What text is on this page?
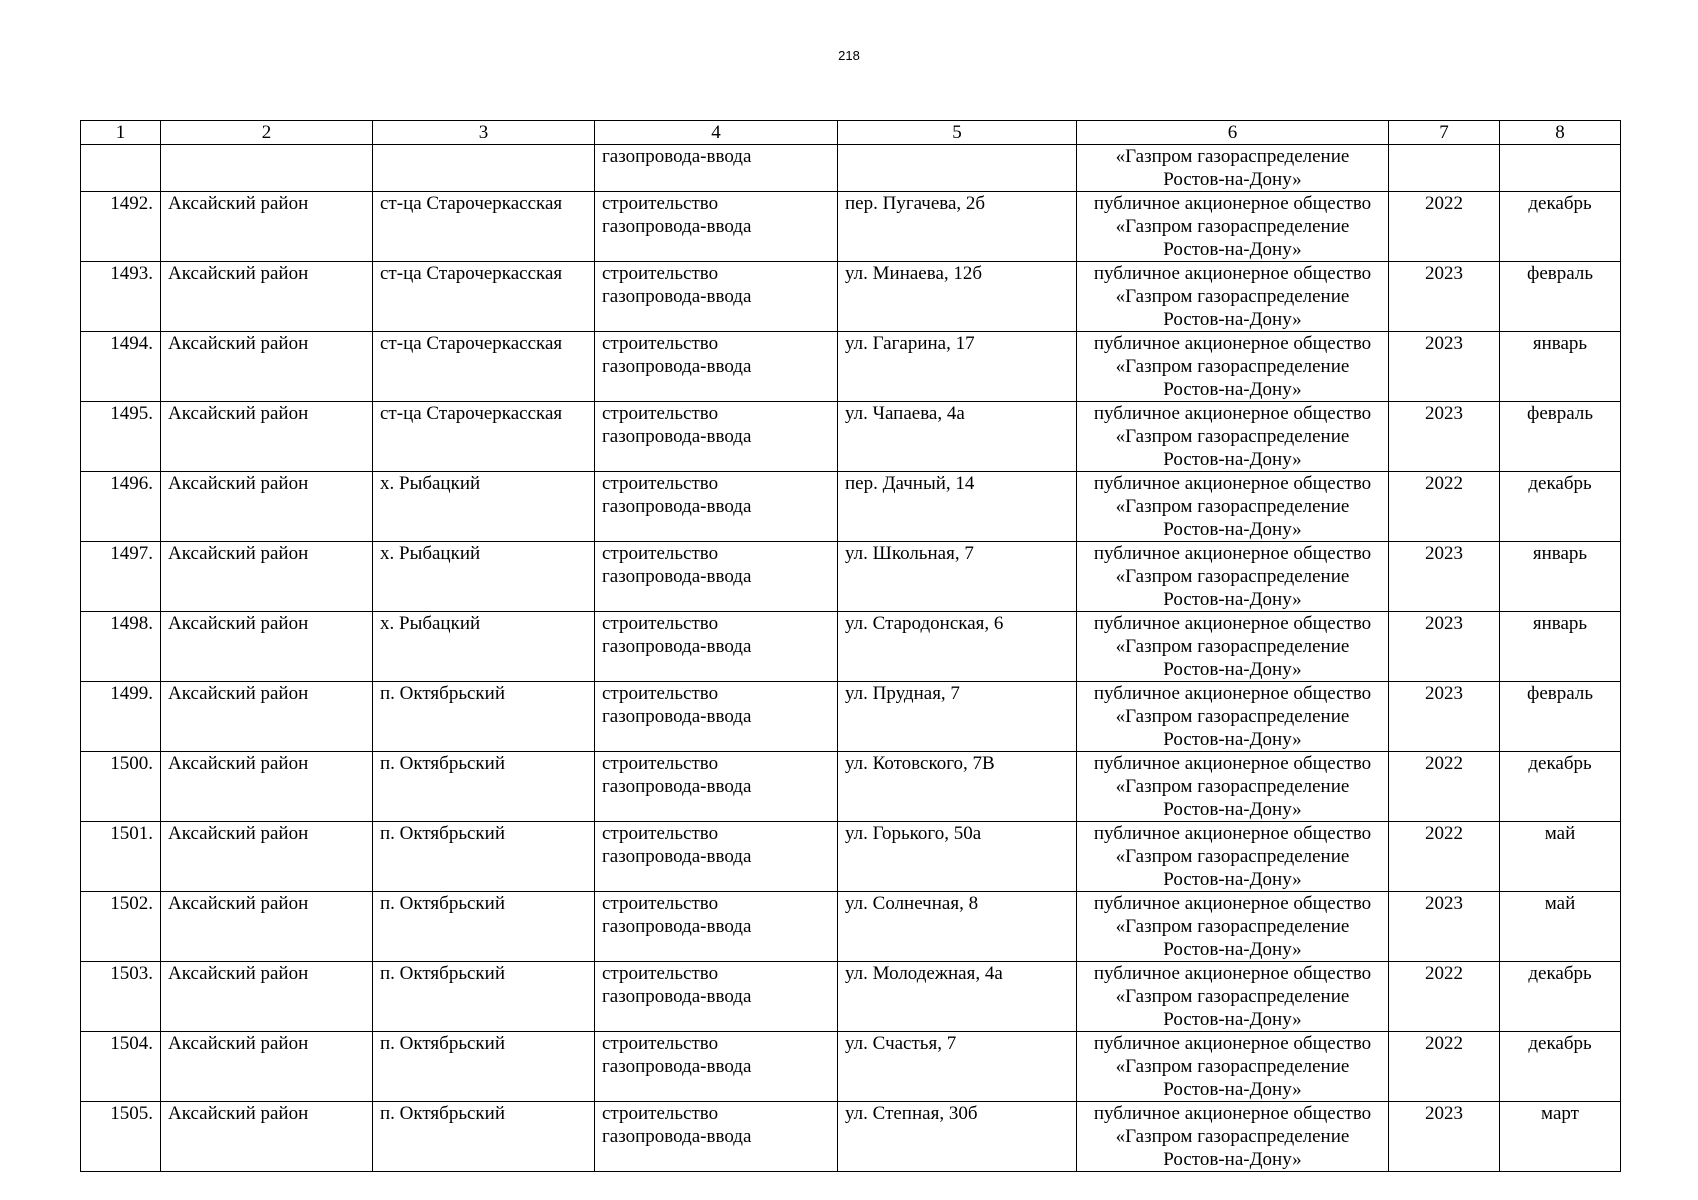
218
1	2	3	4	5	6	7	8

			газопровода-ввода		«Газпром газораспределение
Ростов-на-Дону»		

1492.	Аксайский район	ст-ца Старочеркасская	строительство
газопровода-ввода	пер. Пугачева, 2б	публичное акционерное общество
«Газпром газораспределение
Ростов-на-Дону»	2022	декабрь

1493.	Аксайский район	ст-ца Старочеркасская	строительство
газопровода-ввода	ул. Минаева, 12б	публичное акционерное общество
«Газпром газораспределение
Ростов-на-Дону»	2023	февраль

1494.	Аксайский район	ст-ца Старочеркасская	строительство
газопровода-ввода	ул. Гагарина, 17	публичное акционерное общество
«Газпром газораспределение
Ростов-на-Дону»	2023	январь

1495.	Аксайский район	ст-ца Старочеркасская	строительство
газопровода-ввода	ул. Чапаева, 4а	публичное акционерное общество
«Газпром газораспределение
Ростов-на-Дону»	2023	февраль

1496.	Аксайский район	х. Рыбацкий	строительство
газопровода-ввода	пер. Дачный, 14	публичное акционерное общество
«Газпром газораспределение
Ростов-на-Дону»	2022	декабрь

1497.	Аксайский район	х. Рыбацкий	строительство
газопровода-ввода	ул. Школьная, 7	публичное акционерное общество
«Газпром газораспределение
Ростов-на-Дону»	2023	январь

1498.	Аксайский район	х. Рыбацкий	строительство
газопровода-ввода	ул. Стародонская, 6	публичное акционерное общество
«Газпром газораспределение
Ростов-на-Дону»	2023	январь

1499.	Аксайский район	п. Октябрьский	строительство
газопровода-ввода	ул. Прудная, 7	публичное акционерное общество
«Газпром газораспределение
Ростов-на-Дону»	2023	февраль

1500.	Аксайский район	п. Октябрьский	строительство
газопровода-ввода	ул. Котовского, 7В	публичное акционерное общество
«Газпром газораспределение
Ростов-на-Дону»	2022	декабрь

1501.	Аксайский район	п. Октябрьский	строительство
газопровода-ввода	ул. Горького, 50а	публичное акционерное общество
«Газпром газораспределение
Ростов-на-Дону»	2022	май

1502.	Аксайский район	п. Октябрьский	строительство
газопровода-ввода	ул. Солнечная, 8	публичное акционерное общество
«Газпром газораспределение
Ростов-на-Дону»	2023	май

1503.	Аксайский район	п. Октябрьский	строительство
газопровода-ввода	ул. Молодежная, 4а	публичное акционерное общество
«Газпром газораспределение
Ростов-на-Дону»	2022	декабрь

1504.	Аксайский район	п. Октябрьский	строительство
газопровода-ввода	ул. Счастья, 7	публичное акционерное общество
«Газпром газораспределение
Ростов-на-Дону»	2022	декабрь

1505.	Аксайский район	п. Октябрьский	строительство
газопровода-ввода	ул. Степная, 30б	публичное акционерное общество
«Газпром газораспределение
Ростов-на-Дону»	2023	март
